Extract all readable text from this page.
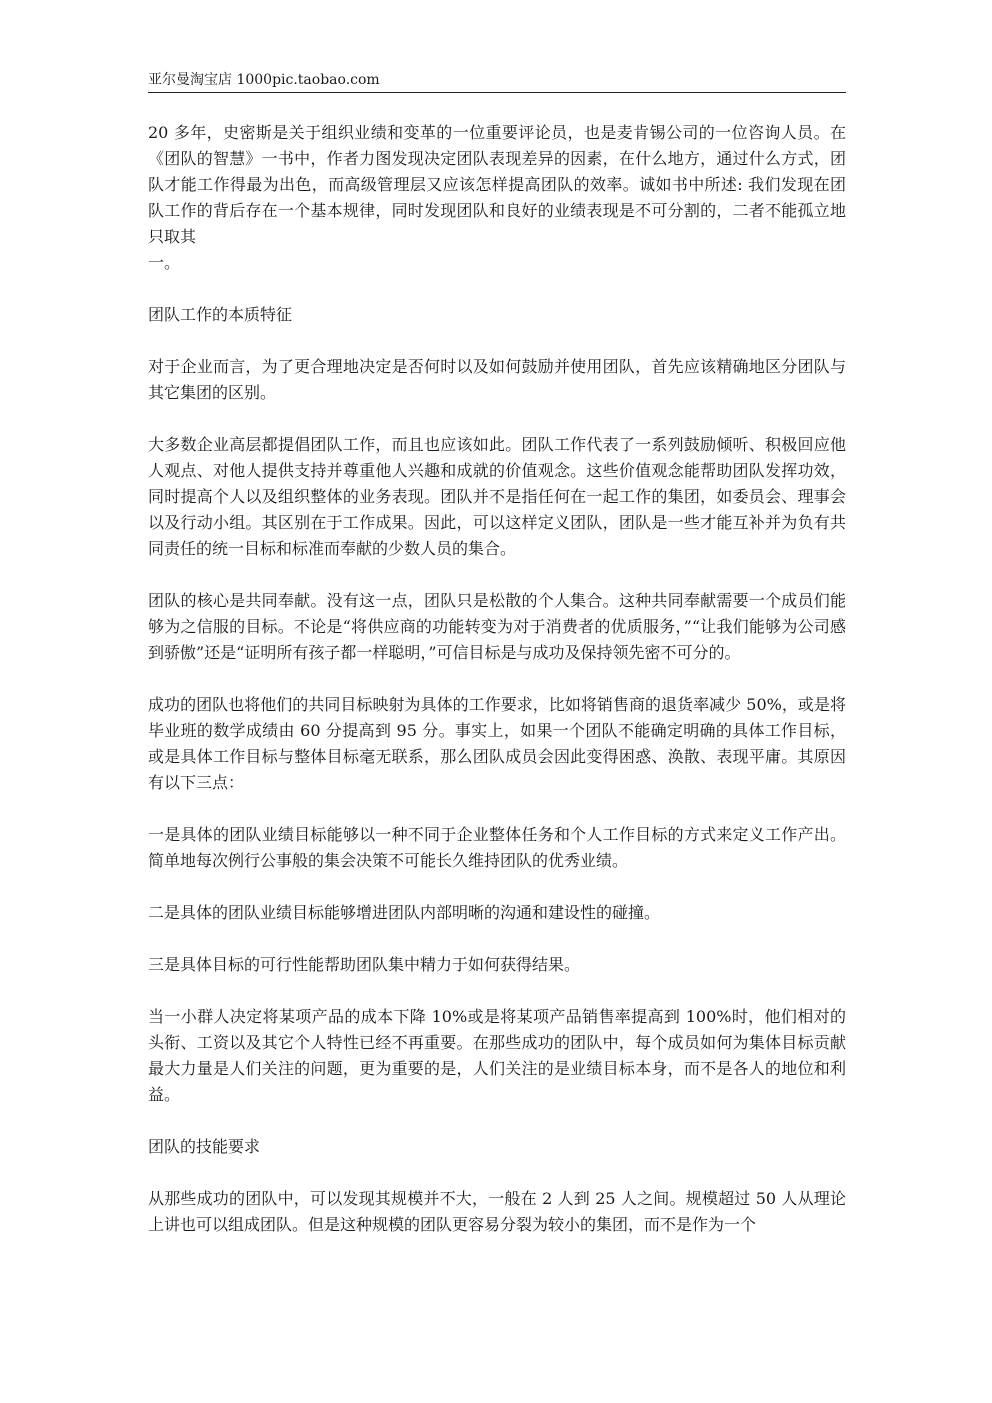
亚尔曼淘宝店 1000pic.taobao.com

20 多年，史密斯是关于组织业绩和变革的一位重要评论员，也是麦肯锡公司的一位咨询人员。在《团队的智慧》一书中，作者力图发现决定团队表现差异的因素，在什么地方，通过什么方式，团队才能工作得最为出色，而高级管理层又应该怎样提高团队的效率。诚如书中所述: 我们发现在团队工作的背后存在一个基本规律，同时发现团队和良好的业绩表现是不可分割的，二者不能孤立地只取其

一。

团队工作的本质特征

对于企业而言，为了更合理地决定是否何时以及如何鼓励并使用团队，首先应该精确地区分团队与其它集团的区别。

大多数企业高层都提倡团队工作，而且也应该如此。团队工作代表了一系列鼓励倾听、积极回应他人观点、对他人提供支持并尊重他人兴趣和成就的价值观念。这些价值观念能帮助团队发挥功效，同时提高个人以及组织整体的业务表现。团队并不是指任何在一起工作的集团，如委员会、理事会以及行动小组。其区别在于工作成果。因此，可以这样定义团队，团队是一些才能互补并为负有共同责任的统一目标和标准而奉献的少数人员的集合。

团队的核心是共同奉献。没有这一点，团队只是松散的个人集合。这种共同奉献需要一个成员们能够为之信服的目标。不论是“将供应商的功能转变为对于消费者的优质服务，”“让我们能够为公司感到骄傲”还是“证明所有孩子都一样聪明，”可信目标是与成功及保持领先密不可分的。

成功的团队也将他们的共同目标映射为具体的工作要求，比如将销售商的退货率减少 50%，或是将毕业班的数学成绩由 60 分提高到 95 分。事实上，如果一个团队不能确定明确的具体工作目标，或是具体工作目标与整体目标毫无联系，那么团队成员会因此变得困惑、涣散、表现平庸。其原因有以下三点：

一是具体的团队业绩目标能够以一种不同于企业整体任务和个人工作目标的方式来定义工作产出。简单地每次例行公事般的集会决策不可能长久维持团队的优秀业绩。

二是具体的团队业绩目标能够增进团队内部明晰的沟通和建设性的碰撞。

三是具体目标的可行性能帮助团队集中精力于如何获得结果。

当一小群人决定将某项产品的成本下降 10%或是将某项产品销售率提高到 100%时，他们相对的头衔、工资以及其它个人特性已经不再重要。在那些成功的团队中，每个成员如何为集体目标贡献最大力量是人们关注的问题，更为重要的是，人们关注的是业绩目标本身，而不是各人的地位和利益。

团队的技能要求

从那些成功的团队中，可以发现其规模并不大，一般在 2 人到 25 人之间。规模超过 50 人从理论上讲也可以组成团队。但是这种规模的团队更容易分裂为较小的集团，而不是作为一个
